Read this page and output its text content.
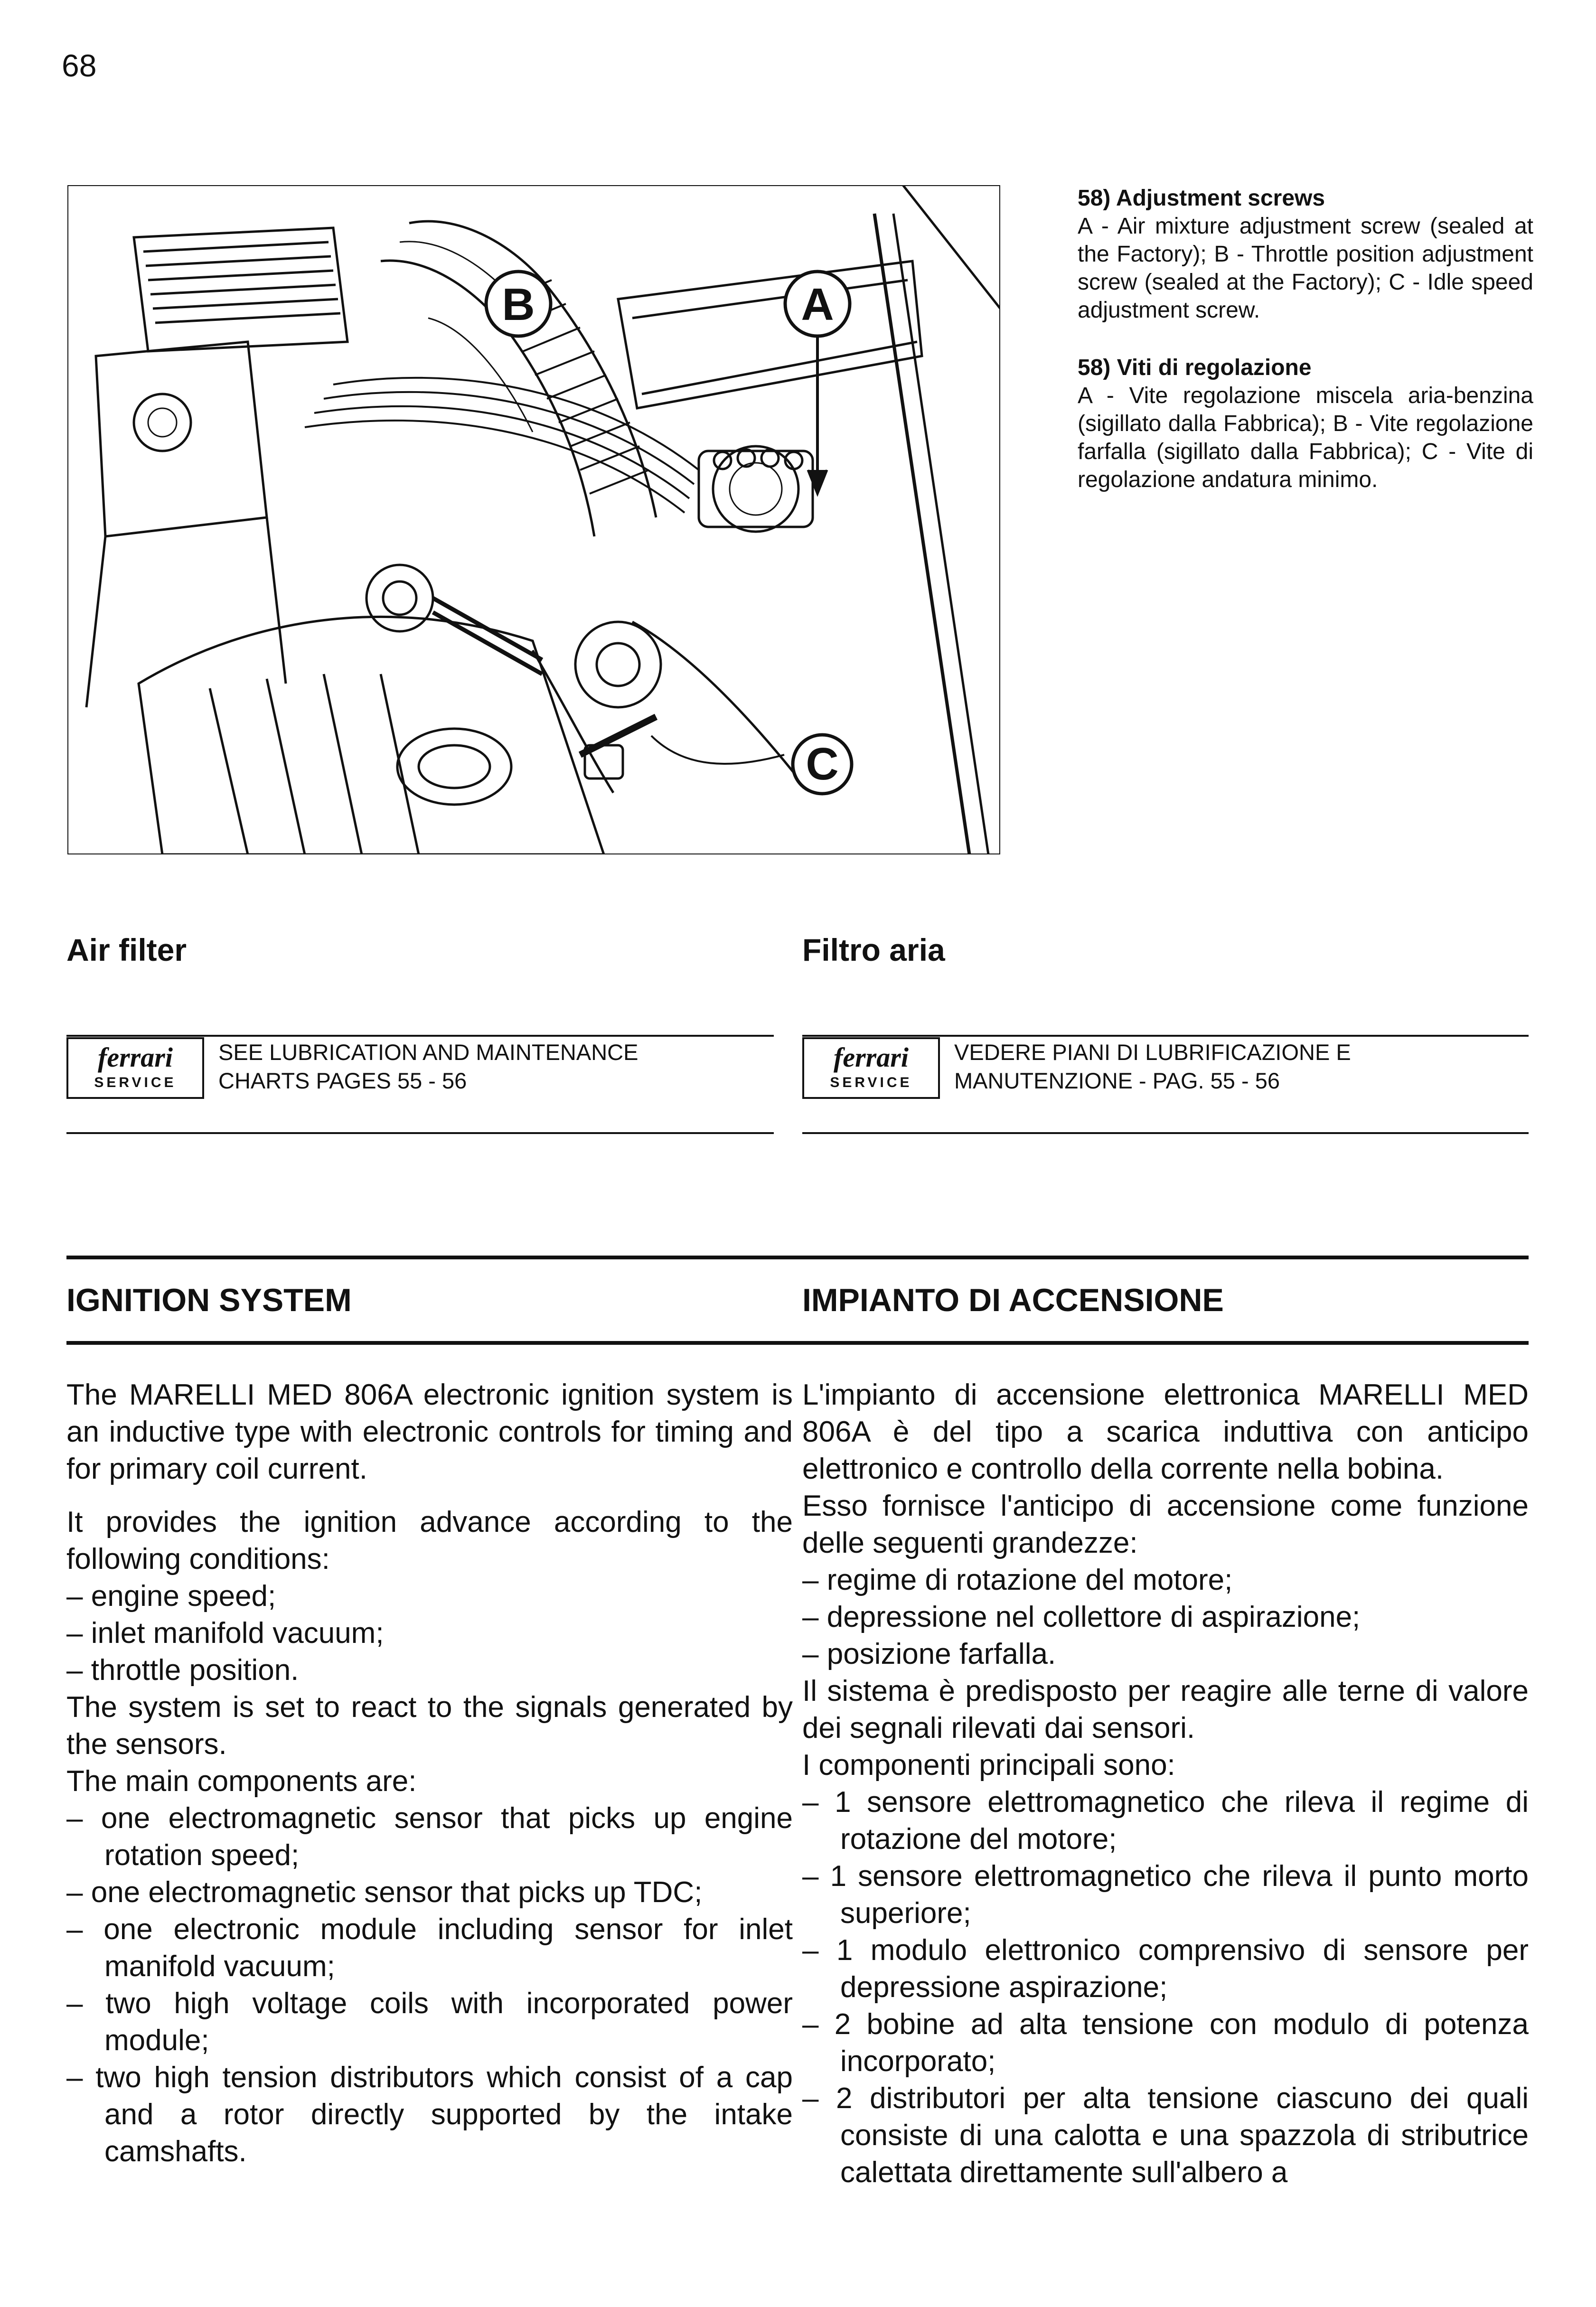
68
B	A
C

58) Adjustment screws

A - Air mixture adjustment screw (sealed at the Factory); B - Throttle position adjustment screw (sealed at the Factory); C - Idle speed adjustment screw.

58) Viti di regolazione

A - Vite regolazione miscela aria-benzina (sigillato dalla Fabbrica); B - Vite regolazione farfalla (sigillato dalla Fabbrica); C - Vite di regolazione andatura minimo.

Air filter	Filtro aria
ferrari
SERVICE
SEE LUBRICATION AND MAINTENANCE
CHARTS PAGES 55 - 56
ferrari
SERVICE
VEDERE PIANI DI LUBRIFICAZIONE E
MANUTENZIONE - PAG. 55 - 56
IGNITION SYSTEM	IMPIANTO DI ACCENSIONE

The MARELLI MED 806A electronic ignition system is an inductive type with electronic controls for timing and for primary coil current.

It provides the ignition advance according to the following conditions:

– engine speed;

– inlet manifold vacuum;

– throttle position.

The system is set to react to the signals generated by the sensors.

The main components are:

– one electromagnetic sensor that picks up engine rotation speed;

– one electromagnetic sensor that picks up TDC;

– one electronic module including sensor for inlet manifold vacuum;

– two high voltage coils with incorporated power module;

– two high tension distributors which consist of a cap and a rotor directly supported by the intake camshafts.

L'impianto di accensione elettronica MARELLI MED 806A è del tipo a scarica induttiva con anticipo elettronico e controllo della corrente nella bobina.

Esso fornisce l'anticipo di accensione come funzione delle seguenti grandezze:

– regime di rotazione del motore;

– depressione nel collettore di aspirazione;

– posizione farfalla.

Il sistema è predisposto per reagire alle terne di valore dei segnali rilevati dai sensori.

I componenti principali sono:

– 1 sensore elettromagnetico che rileva il regime di rotazione del motore;

– 1 sensore elettromagnetico che rileva il punto morto superiore;

– 1 modulo elettronico comprensivo di sensore per depressione aspirazione;

– 2 bobine ad alta tensione con modulo di potenza incorporato;

– 2 distributori per alta tensione ciascuno dei quali consiste di una calotta e una spazzola di stributrice calettata direttamente sull'albero a
